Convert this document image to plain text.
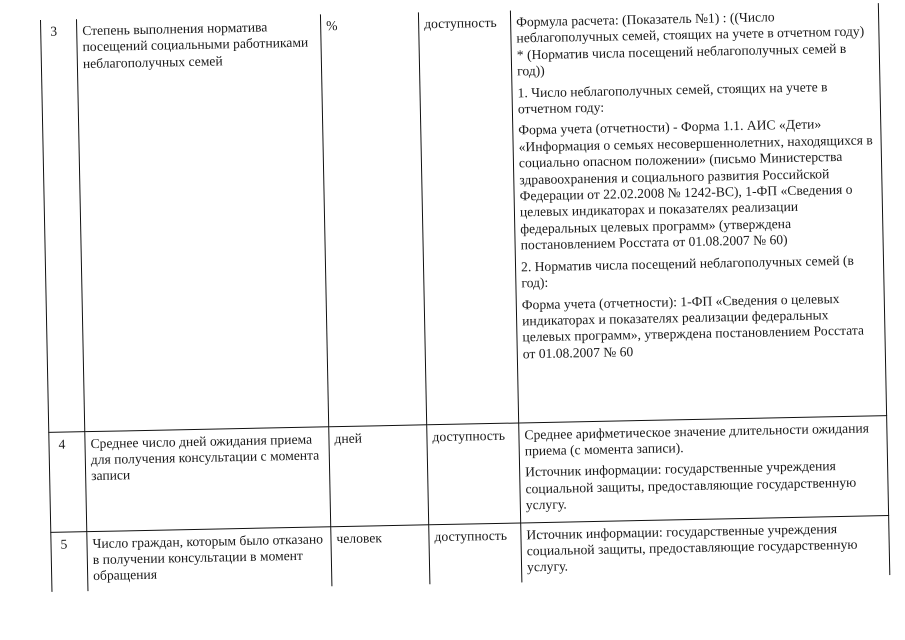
3	Степень выполнения норматива посещений социальными работниками неблагополучных семей	%	доступность	Формула расчета: (Показатель №1) : ((Число неблагополучных семей, стоящих на учете в отчетном году) * (Норматив числа посещений неблагополучных семей в год))

1. Число неблагополучных семей, стоящих на учете в отчетном году:

Форма учета (отчетности) - Форма 1.1. АИС «Дети» «Информация о семьях несовершеннолетних, находящихся в социально опасном положении» (письмо Министерства здравоохранения и социального развития Российской Федерации от 22.02.2008 № 1242-ВС), 1-ФП «Сведения о целевых индикаторах и показателях реализации федеральных целевых программ» (утверждена постановлением Росстата от 01.08.2007 № 60)

2. Норматив числа посещений неблагополучных семей (в год):

Форма учета (отчетности): 1-ФП «Сведения о целевых индикаторах и показателях реализации федеральных целевых программ», утверждена постановлением Росстата от 01.08.2007 № 60

4	Среднее число дней ожидания приема для получения консультации с момента записи	дней	доступность	Среднее арифметическое значение длительности ожидания приема (с момента записи).

Источник информации: государственные учреждения социальной защиты, предоставляющие государственную услугу.

5	Число граждан, которым было отказано в получении консультации в момент обращения	человек	доступность	Источник информации: государственные учреждения социальной защиты, предоставляющие государственную услугу.
